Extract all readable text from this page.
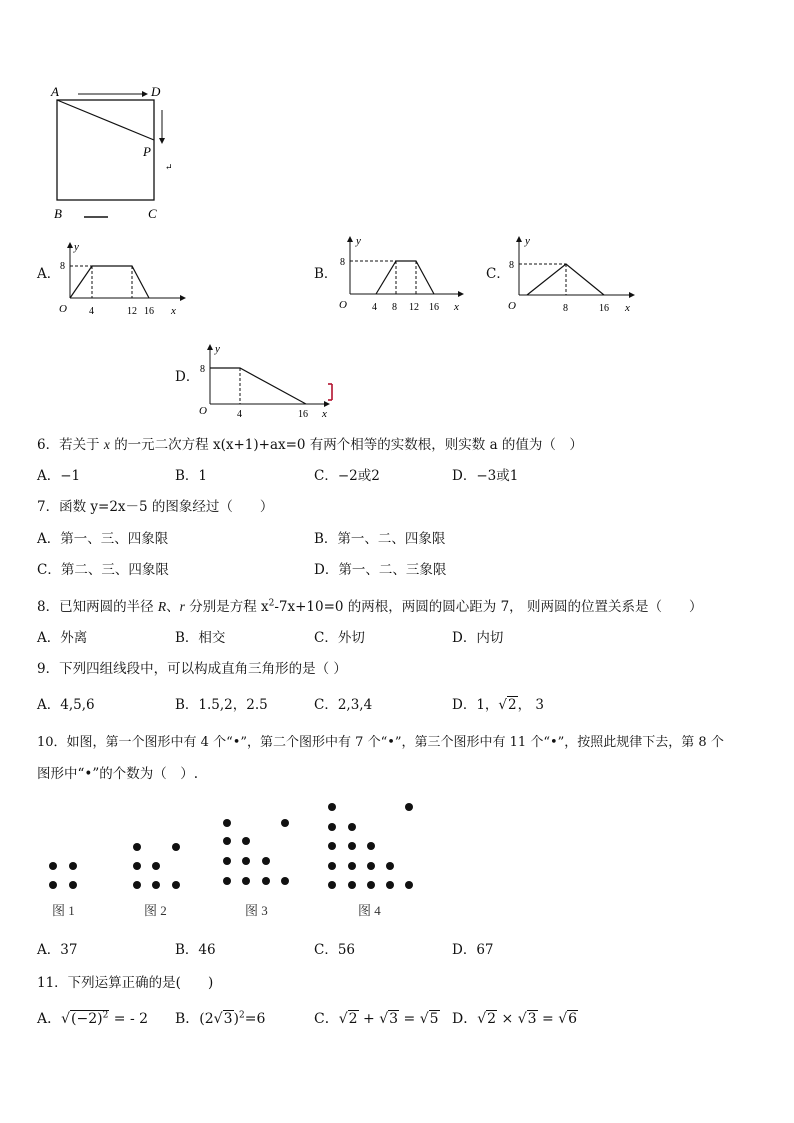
A	D
P
B	C
↵
A．
y
8
O 4	12 16 x
B．
y
8
O	4 8 12 16 x
C．
y
8
O	8	16 x
D．
y
8
O	4	16 x
6．若关于 x 的一元二次方程 x(x+1)+ax=0 有两个相等的实数根，则实数 a 的值为（　）
A．−1	B．1	C．−2或2	D．−3或1
7．函数 y=2x－5 的图象经过（　　）
A．第一、三、四象限	B．第一、二、四象限
C．第二、三、四象限	D．第一、二、三象限
8．已知两圆的半径 R、r 分别是方程 $x^2-7x+10=0$ 的两根，两圆的圆心距为 7， 则两圆的位置关系是（　　）
A．外离	B．相交	C．外切	D．内切
9．下列四组线段中，可以构成直角三角形的是（ ）
A．4,5,6	B．1.5,2，2.5	C．2,3,4	D．1，√2， 3
10．如图，第一个图形中有 4 个“•”，第二个图形中有 7 个“•”，第三个图形中有 11 个“•”，按照此规律下去，第 8 个
图形中“•”的个数为（　）.
图 1	图 2	图 3	图 4
A．37	B．46	C．56	D．67
11．下列运算正确的是(　　)
A．$√(-2)^2$ = - 2 B．$(2√3)^2=6$	C．√2 + √3 = √5 D．√2 × √3 = √6
